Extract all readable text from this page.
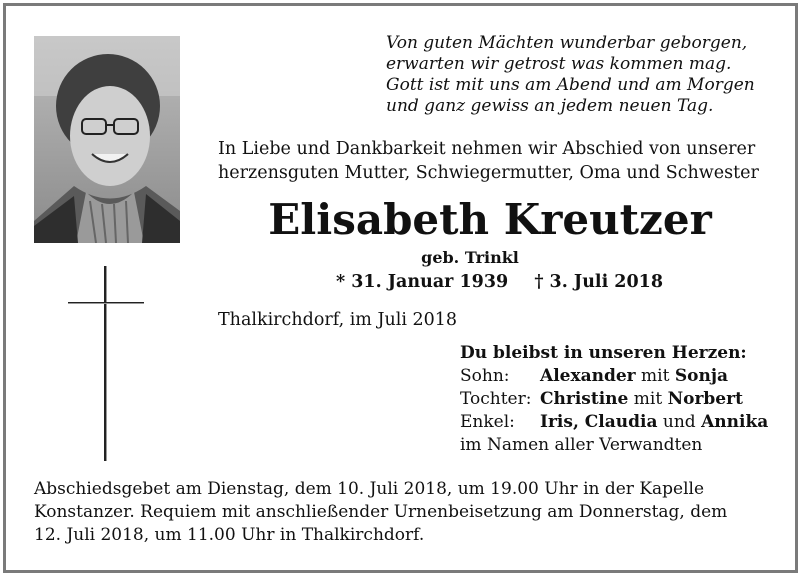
Von guten Mächten wunderbar geborgen,
erwarten wir getrost was kommen mag.
Gott ist mit uns am Abend und am Morgen
und ganz gewiss an jedem neuen Tag.
In Liebe und Dankbarkeit nehmen wir Abschied von unserer
herzensguten Mutter, Schwiegermutter, Oma und Schwester
Elisabeth Kreutzer
geb. Trinkl
* 31. Januar 1939 † 3. Juli 2018
Thalkirchdorf, im Juli 2018
Du bleibst in unseren Herzen:
Sohn:	Alexander mit Sonja
Tochter: Christine mit Norbert
Enkel:	Iris, Claudia und Annika
im Namen aller Verwandten
Abschiedsgebet am Dienstag, dem 10. Juli 2018, um 19.00 Uhr in der Kapelle
Konstanzer. Requiem mit anschließender Urnenbeisetzung am Donnerstag, dem
12. Juli 2018, um 11.00 Uhr in Thalkirchdorf.
